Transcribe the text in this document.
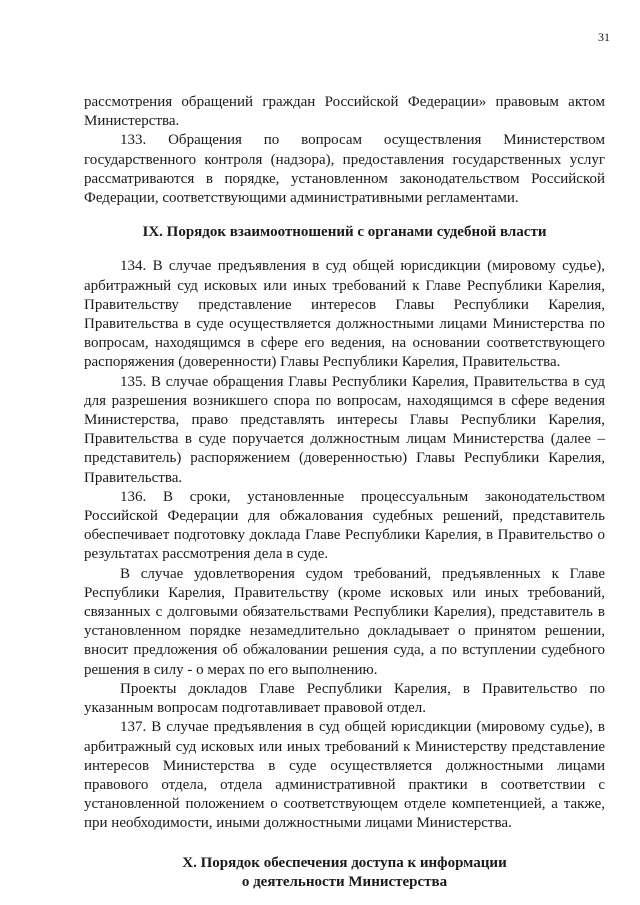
31

рассмотрения обращений граждан Российской Федерации» правовым актом Министерства.

133. Обращения по вопросам осуществления Министерством государственного контроля (надзора), предоставления государственных услуг рассматриваются в порядке, установленном законодательством Российской Федерации, соответствующими административными регламентами.

IX. Порядок взаимоотношений с органами судебной власти

134. В случае предъявления в суд общей юрисдикции (мировому судье), арбитражный суд исковых или иных требований к Главе Республики Карелия, Правительству представление интересов Главы Республики Карелия, Правительства в суде осуществляется должностными лицами Министерства по вопросам, находящимся в сфере его ведения, на основании соответствующего распоряжения (доверенности) Главы Республики Карелия, Правительства.

135. В случае обращения Главы Республики Карелия, Правительства в суд для разрешения возникшего спора по вопросам, находящимся в сфере ведения Министерства, право представлять интересы Главы Республики Карелия, Правительства в суде поручается должностным лицам Министерства (далее – представитель) распоряжением (доверенностью) Главы Республики Карелия, Правительства.

136. В сроки, установленные процессуальным законодательством Российской Федерации для обжалования судебных решений, представитель обеспечивает подготовку доклада Главе Республики Карелия, в Правительство о результатах рассмотрения дела в суде.

В случае удовлетворения судом требований, предъявленных к Главе Республики Карелия, Правительству (кроме исковых или иных требований, связанных с долговыми обязательствами Республики Карелия), представитель в установленном порядке незамедлительно докладывает о принятом решении, вносит предложения об обжаловании решения суда, а по вступлении судебного решения в силу - о мерах по его выполнению.

Проекты докладов Главе Республики Карелия, в Правительство по указанным вопросам подготавливает правовой отдел.

137. В случае предъявления в суд общей юрисдикции (мировому судье), в арбитражный суд исковых или иных требований к Министерству представление интересов Министерства в суде осуществляется должностными лицами правового отдела, отдела административной практики в соответствии с установленной положением о соответствующем отделе компетенцией, а также, при необходимости, иными должностными лицами Министерства.

X. Порядок обеспечения доступа к информации
о деятельности Министерства
